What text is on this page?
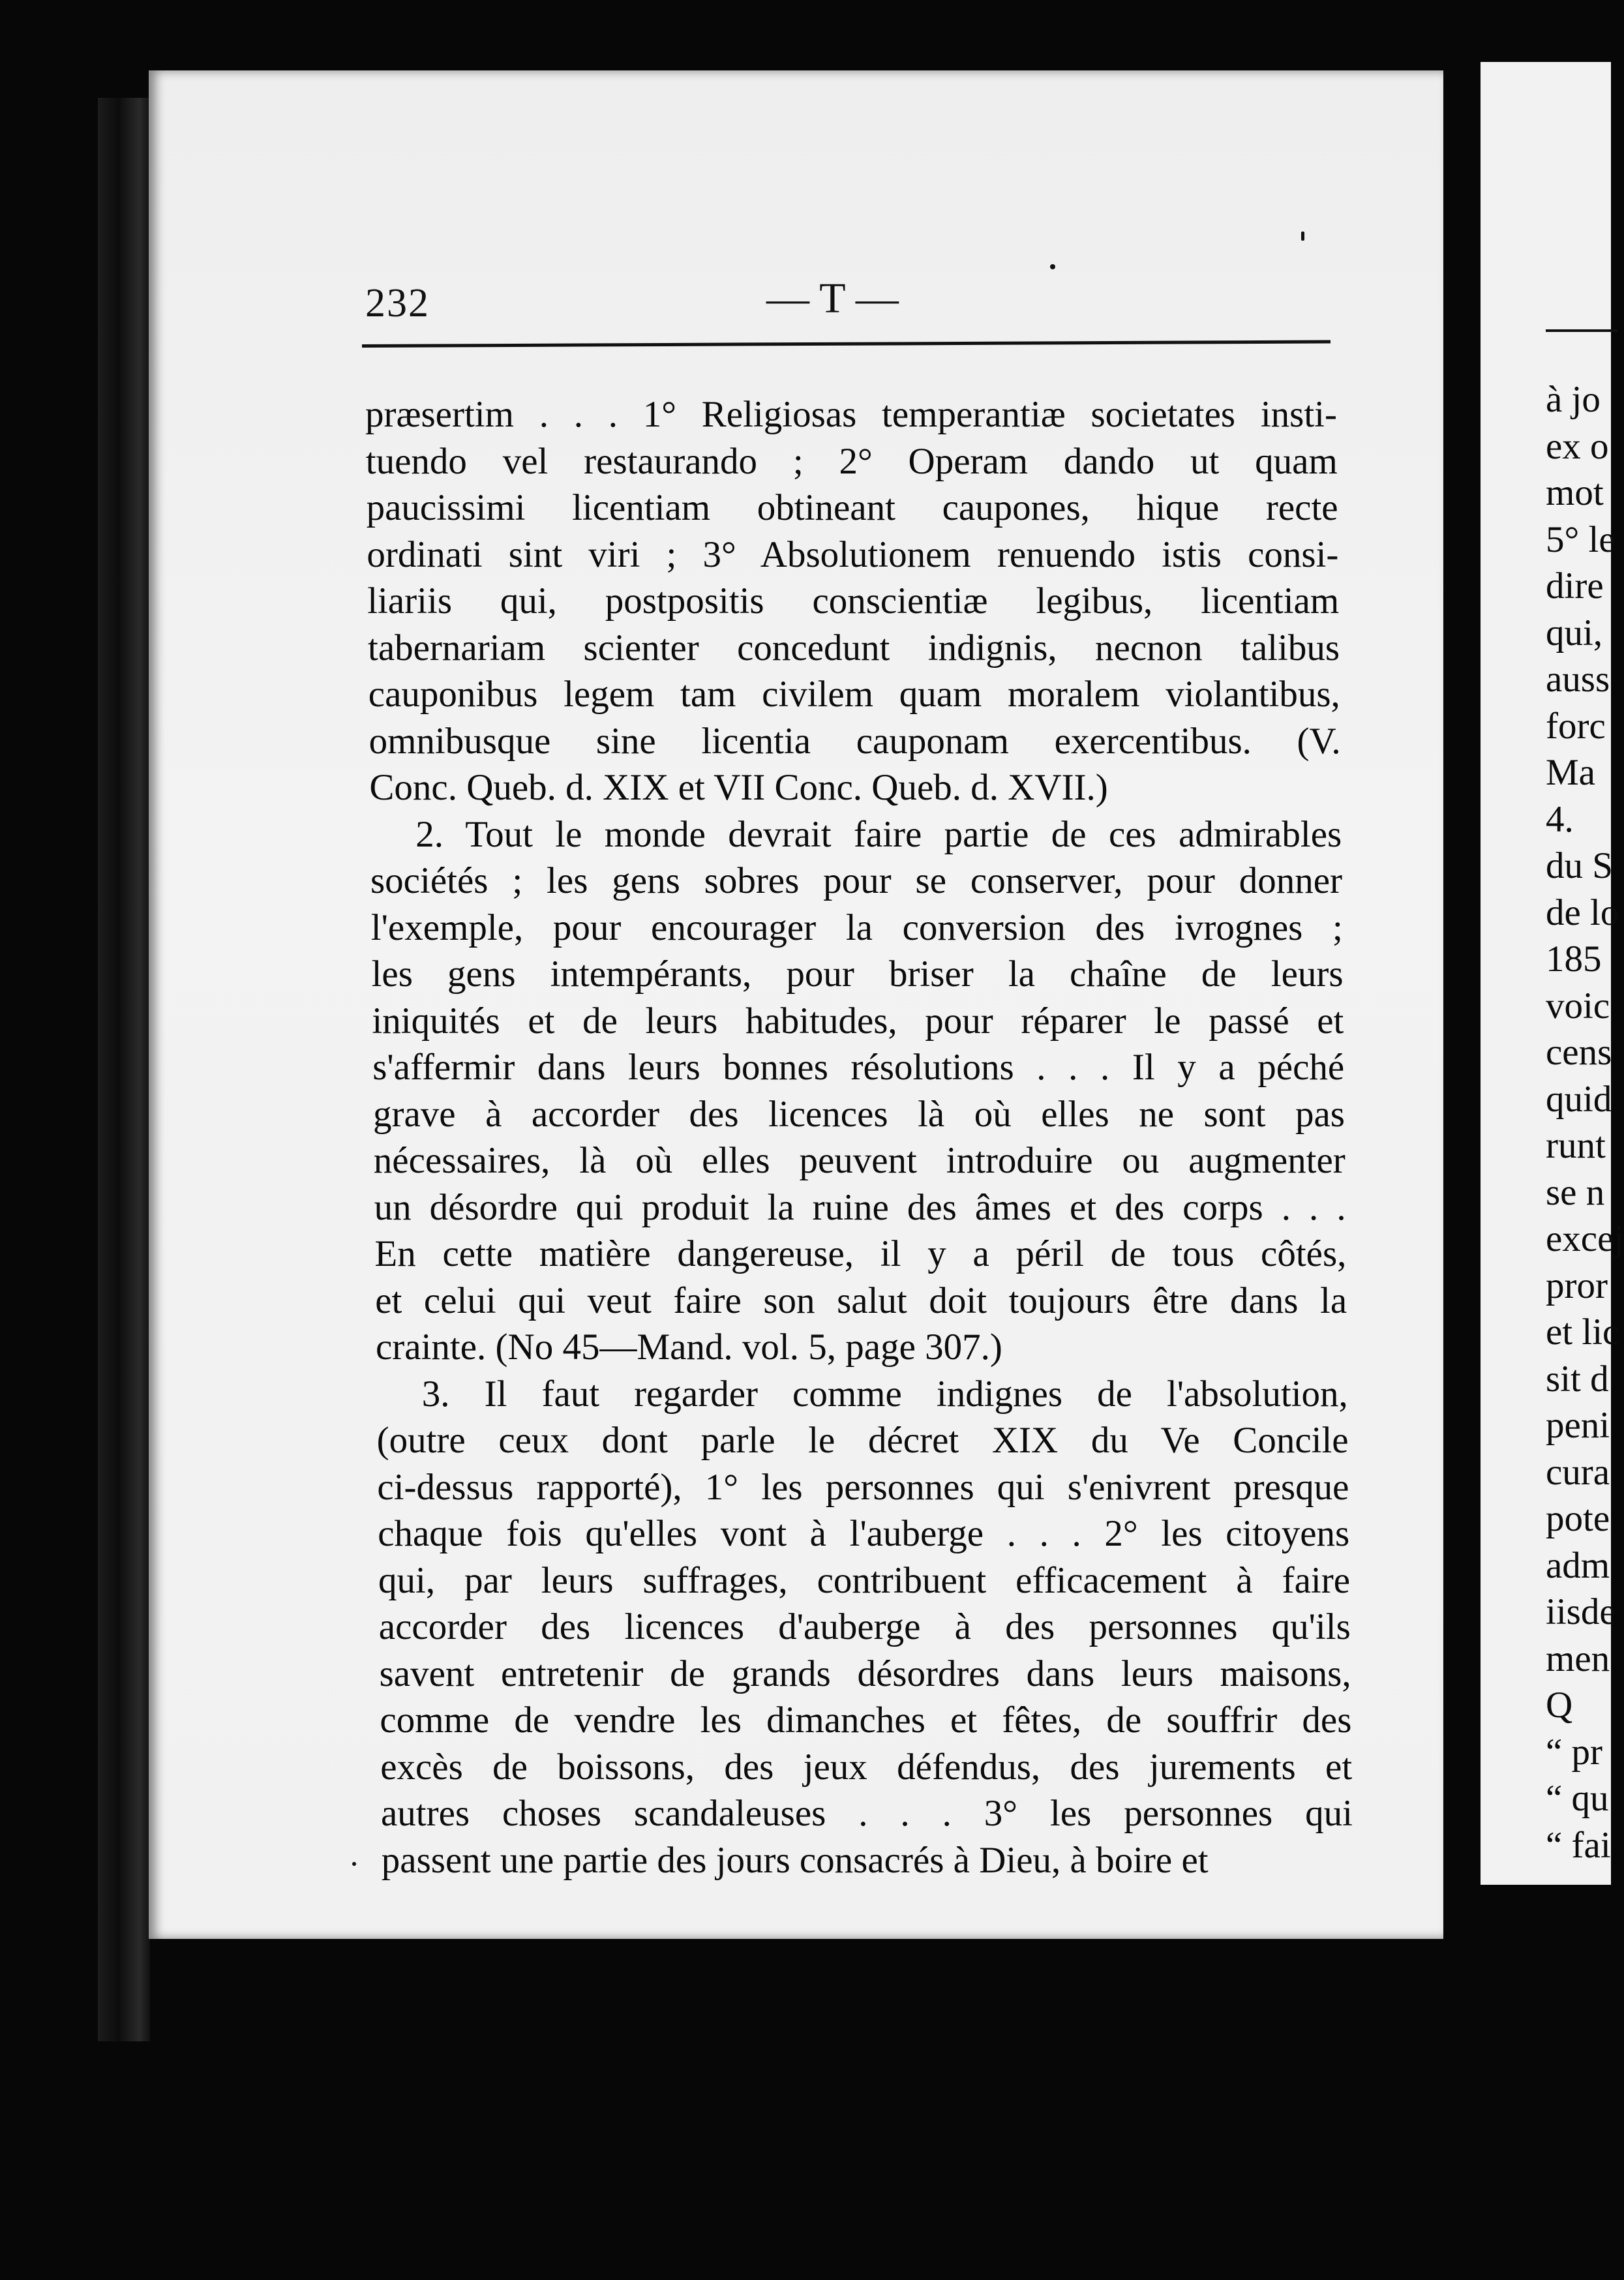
232	— T —
præsertim . . . 1° Religiosas temperantiæ societates insti-
tuendo vel restaurando ; 2° Operam dando ut quam
paucissimi licentiam obtineant caupones, hique recte
ordinati sint viri ; 3° Absolutionem renuendo istis consi-
liariis qui, postpositis conscientiæ legibus, licentiam
tabernariam scienter concedunt indignis, necnon talibus
cauponibus legem tam civilem quam moralem violantibus,
omnibusque sine licentia cauponam exercentibus. (V.
Conc. Queb. d. XIX et VII Conc. Queb. d. XVII.)
2. Tout le monde devrait faire partie de ces admirables
sociétés ; les gens sobres pour se conserver, pour donner
l'exemple, pour encourager la conversion des ivrognes ;
les gens intempérants, pour briser la chaîne de leurs
iniquités et de leurs habitudes, pour réparer le passé et
s'affermir dans leurs bonnes résolutions . . . Il y a péché
grave à accorder des licences là où elles ne sont pas
nécessaires, là où elles peuvent introduire ou augmenter
un désordre qui produit la ruine des âmes et des corps . . .
En cette matière dangereuse, il y a péril de tous côtés,
et celui qui veut faire son salut doit toujours être dans la
crainte. (No 45—Mand. vol. 5, page 307.)
3. Il faut regarder comme indignes de l'absolution,
(outre ceux dont parle le décret XIX du Ve Concile
ci-dessus rapporté), 1° les personnes qui s'enivrent presque
chaque fois qu'elles vont à l'auberge . . . 2° les citoyens
qui, par leurs suffrages, contribuent efficacement à faire
accorder des licences d'auberge à des personnes qu'ils
savent entretenir de grands désordres dans leurs maisons,
comme de vendre les dimanches et fêtes, de souffrir des
excès de boissons, des jeux défendus, des jurements et
autres choses scandaleuses . . . 3° les personnes qui
passent une partie des jours consacrés à Dieu, à boire et
à jo
ex o
mot
5° le
dire
qui,
auss
forc
Ma
4.
du S
de lo
185
voic
cens
quid
runt
se n
excej
pror
et lic
sit d
peni
cura
pote
adm
iisde
men
Q
“ pr
“ qu
“ fai
